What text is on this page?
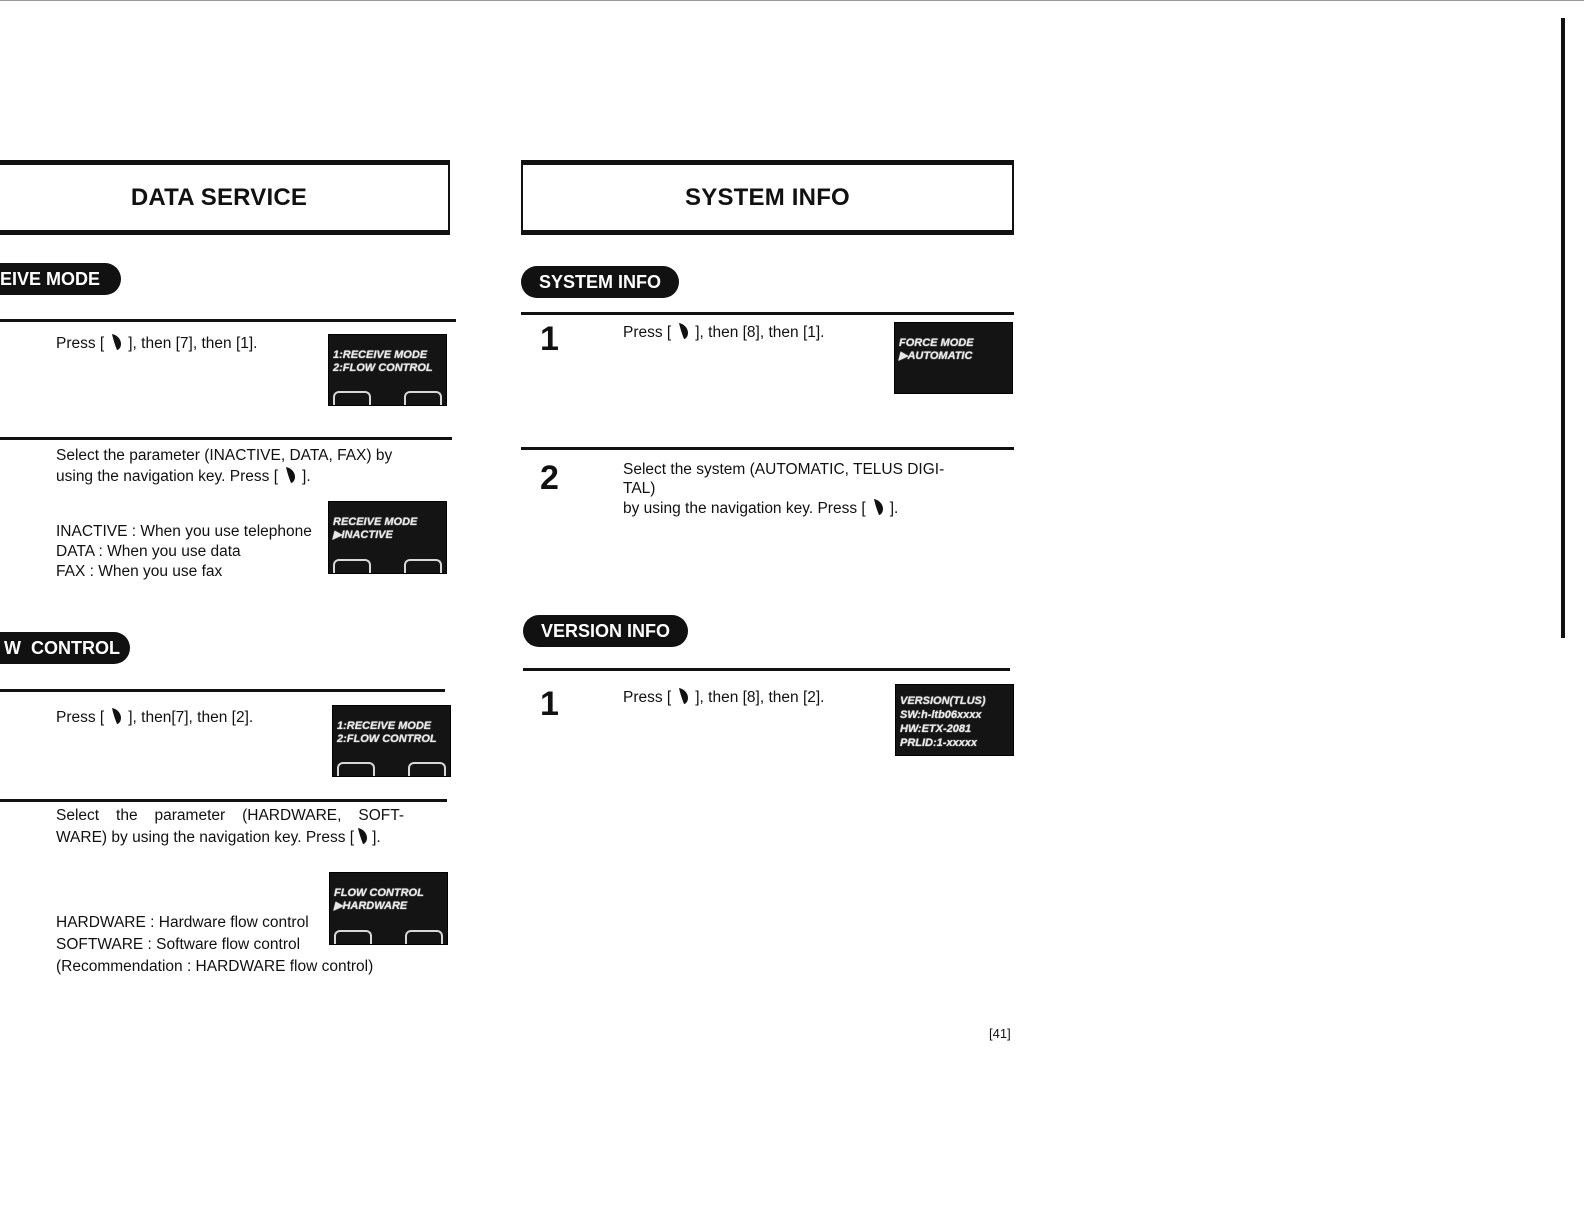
DATA SERVICE
EIVE MODE
Press [ ], then [7], then [1].
1:RECEIVE MODE
2:FLOW CONTROL
Select the parameter (INACTIVE, DATA, FAX) by
using the navigation key. Press [ ].
INACTIVE : When you use telephone
DATA : When you use data
FAX : When you use fax
RECEIVE MODE
▶INACTIVE
W  CONTROL
Press [ ], then[7], then [2].	1:RECEIVE MODE
2:FLOW CONTROL
Select the parameter (HARDWARE, SOFT-
WARE) by using the navigation key. Press [ ].
FLOW CONTROL
▶HARDWARE
HARDWARE : Hardware flow control
SOFTWARE : Software flow control
(Recommendation : HARDWARE flow control)
SYSTEM INFO
SYSTEM INFO
1	Press [ ], then [8], then [1].
FORCE MODE
▶AUTOMATIC
2	Select the system (AUTOMATIC, TELUS DIGI-
TAL)
by using the navigation key. Press [ ].
VERSION INFO
1	Press [ ], then [8], then [2].	VERSION(TLUS)
SW:h-ltb06xxxx
HW:ETX-2081
PRLID:1-xxxxx
[41]
